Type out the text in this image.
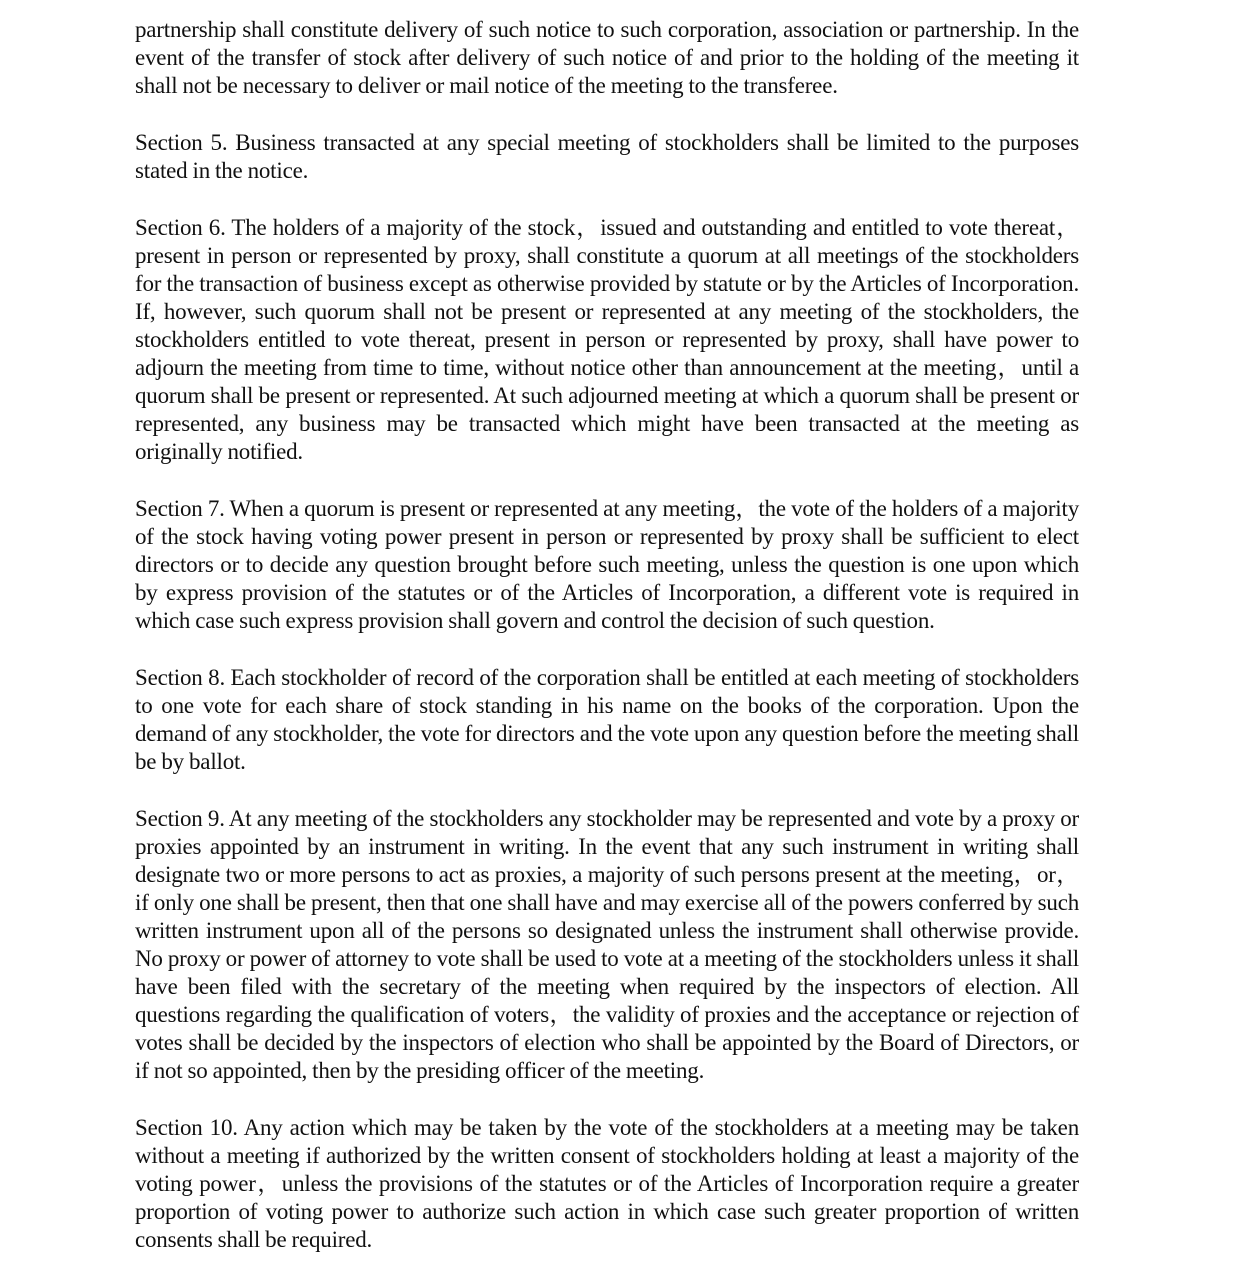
partnership shall constitute delivery of such notice to such corporation, association or partnership. In the event of the transfer of stock after delivery of such notice of and prior to the holding of the meeting it shall not be necessary to deliver or mail notice of the meeting to the transferee.

Section 5. Business transacted at any special meeting of stockholders shall be limited to the purposes stated in the notice.

Section 6. The holders of a majority of the stock，issued and outstanding and entitled to vote thereat，present in person or represented by proxy, shall constitute a quorum at all meetings of the stockholders for the transaction of business except as otherwise provided by statute or by the Articles of Incorporation. If, however, such quorum shall not be present or represented at any meeting of the stockholders, the stockholders entitled to vote thereat, present in person or represented by proxy, shall have power to adjourn the meeting from time to time, without notice other than announcement at the meeting，until a quorum shall be present or represented. At such adjourned meeting at which a quorum shall be present or represented, any business may be transacted which might have been transacted at the meeting as originally notified.

Section 7. When a quorum is present or represented at any meeting，the vote of the holders of a majority of the stock having voting power present in person or represented by proxy shall be sufficient to elect directors or to decide any question brought before such meeting, unless the question is one upon which by express provision of the statutes or of the Articles of Incorporation, a different vote is required in which case such express provision shall govern and control the decision of such question.

Section 8. Each stockholder of record of the corporation shall be entitled at each meeting of stockholders to one vote for each share of stock standing in his name on the books of the corporation. Upon the demand of any stockholder, the vote for directors and the vote upon any question before the meeting shall be by ballot.

Section 9. At any meeting of the stockholders any stockholder may be represented and vote by a proxy or proxies appointed by an instrument in writing. In the event that any such instrument in writing shall designate two or more persons to act as proxies, a majority of such persons present at the meeting，or，if only one shall be present, then that one shall have and may exercise all of the powers conferred by such written instrument upon all of the persons so designated unless the instrument shall otherwise provide. No proxy or power of attorney to vote shall be used to vote at a meeting of the stockholders unless it shall have been filed with the secretary of the meeting when required by the inspectors of election. All questions regarding the qualification of voters，the validity of proxies and the acceptance or rejection of votes shall be decided by the inspectors of election who shall be appointed by the Board of Directors, or if not so appointed, then by the presiding officer of the meeting.

Section 10. Any action which may be taken by the vote of the stockholders at a meeting may be taken without a meeting if authorized by the written consent of stockholders holding at least a majority of the voting power，unless the provisions of the statutes or of the Articles of Incorporation require a greater proportion of voting power to authorize such action in which case such greater proportion of written consents shall be required.
